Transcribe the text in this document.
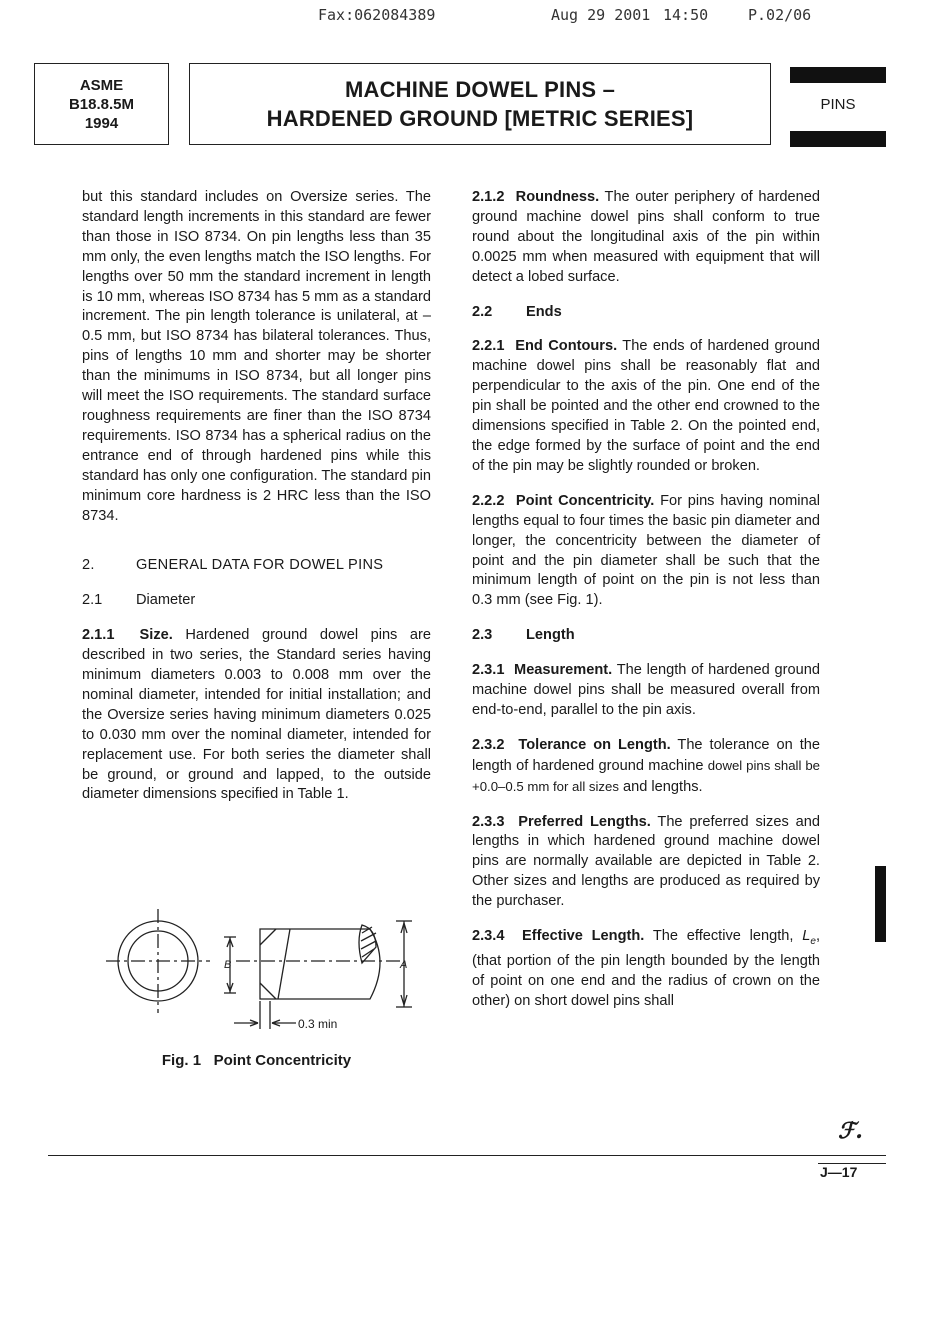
Fax:062084389	Aug 29 2001 14:50	P.02/06
ASME
B18.8.5M
1994
MACHINE DOWEL PINS –
HARDENED GROUND [METRIC SERIES]
PINS

but this standard includes on Oversize series. The standard length increments in this standard are fewer than those in ISO 8734. On pin lengths less than 35 mm only, the even lengths match the ISO lengths. For lengths over 50 mm the standard increment in length is 10 mm, whereas ISO 8734 has 5 mm as a standard increment. The pin length tolerance is unilateral, at –0.5 mm, but ISO 8734 has bilateral tolerances. Thus, pins of lengths 10 mm and shorter may be shorter than the minimums in ISO 8734, but all longer pins will meet the ISO requirements. The standard surface roughness requirements are finer than the ISO 8734 requirements. ISO 8734 has a spherical radius on the entrance end of through hardened pins while this standard has only one configuration. The standard pin minimum core hardness is 2 HRC less than the ISO 8734.

2.	GENERAL DATA FOR DOWEL PINS
2.1 Diameter

2.1.1 Size. Hardened ground dowel pins are described in two series, the Standard series having minimum diameters 0.003 to 0.008 mm over the nominal diameter, intended for initial installation; and the Oversize series having minimum diameters 0.025 to 0.030 mm over the nominal diameter, intended for replacement use. For both series the diameter shall be ground, or ground and lapped, to the outside diameter dimensions specified in Table 1.

B	A
0.3 min
Fig. 1 Point Concentricity

2.1.2 Roundness. The outer periphery of hardened ground machine dowel pins shall conform to true round about the longitudinal axis of the pin within 0.0025 mm when measured with equipment that will detect a lobed surface.

2.2 Ends

2.2.1 End Contours. The ends of hardened ground machine dowel pins shall be reasonably flat and perpendicular to the axis of the pin. One end of the pin shall be pointed and the other end crowned to the dimensions specified in Table 2. On the pointed end, the edge formed by the surface of point and the end of the pin may be slightly rounded or broken.

2.2.2 Point Concentricity. For pins having nominal lengths equal to four times the basic pin diameter and longer, the concentricity between the diameter of point and the pin diameter shall be such that the minimum length of point on the pin is not less than 0.3 mm (see Fig. 1).

2.3 Length

2.3.1 Measurement. The length of hardened ground machine dowel pins shall be measured overall from end-to-end, parallel to the pin axis.

2.3.2 Tolerance on Length. The tolerance on the length of hardened ground machine dowel pins shall be +0.0–0.5 mm for all sizes and lengths.

2.3.3 Preferred Lengths. The preferred sizes and lengths in which hardened ground machine dowel pins are normally available are depicted in Table 2. Other sizes and lengths are produced as required by the purchaser.

2.3.4 Effective Length. The effective length, $L_e$, (that portion of the pin length bounded by the length of point on one end and the radius of crown on the other) on short dowel pins shall

ℱ.
J—17
